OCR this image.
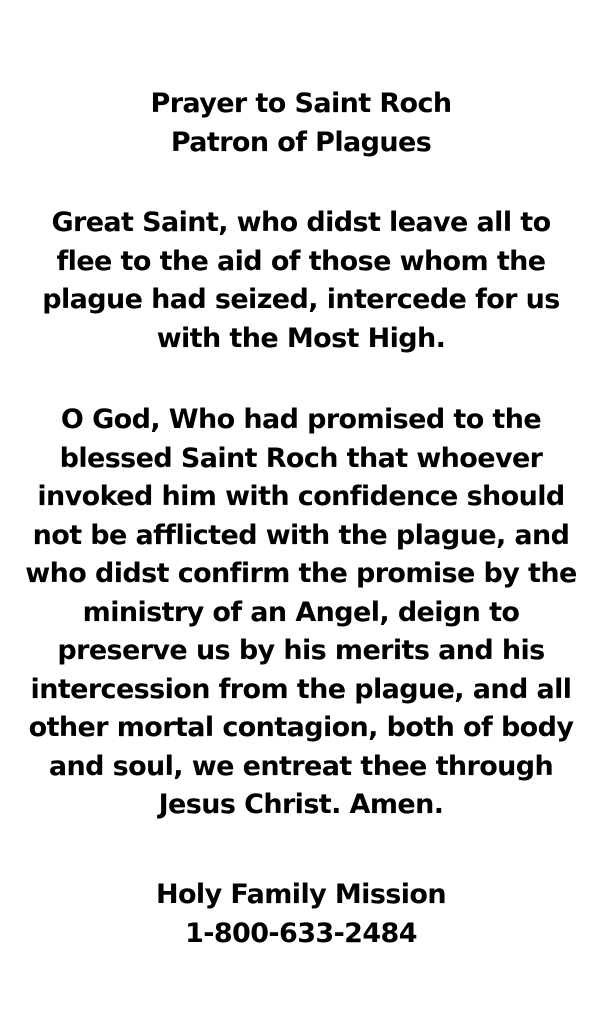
Prayer to Saint Roch
Patron of Plagues
Great Saint, who didst leave all to
flee to the aid of those whom the
plague had seized, intercede for us
with the Most High.
O God, Who had promised to the
blessed Saint Roch that whoever
invoked him with confidence should
not be afflicted with the plague, and
who didst confirm the promise by the
ministry of an Angel, deign to
preserve us by his merits and his
intercession from the plague, and all
other mortal contagion, both of body
and soul, we entreat thee through
Jesus Christ. Amen.
Holy Family Mission
1-800-633-2484
